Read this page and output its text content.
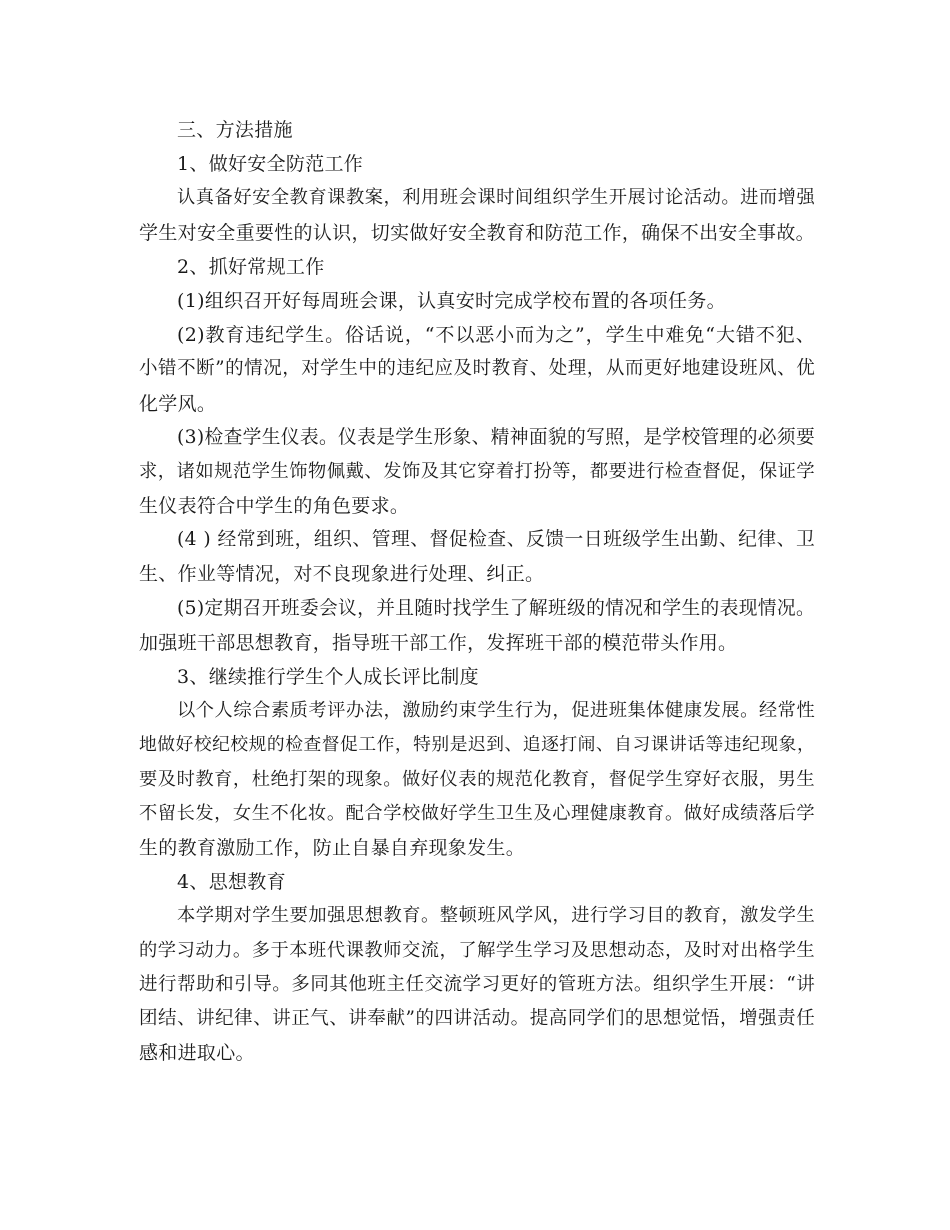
三、方法措施
1、做好安全防范工作
认真备好安全教育课教案，利用班会课时间组织学生开展讨论活动。进而增强
学生对安全重要性的认识，切实做好安全教育和防范工作，确保不出安全事故。
2、抓好常规工作
(1)组织召开好每周班会课，认真安时完成学校布置的各项任务。
(2)教育违纪学生。俗话说，“不以恶小而为之”，学生中难免“大错不犯、
小错不断”的情况，对学生中的违纪应及时教育、处理，从而更好地建设班风、优
化学风。
(3)检查学生仪表。仪表是学生形象、精神面貌的写照，是学校管理的必须要
求，诸如规范学生饰物佩戴、发饰及其它穿着打扮等，都要进行检查督促，保证学
生仪表符合中学生的角色要求。
(4 ) 经常到班，组织、管理、督促检查、反馈一日班级学生出勤、纪律、卫
生、作业等情况，对不良现象进行处理、纠正。
(5)定期召开班委会议，并且随时找学生了解班级的情况和学生的表现情况。
加强班干部思想教育，指导班干部工作，发挥班干部的模范带头作用。
3、继续推行学生个人成长评比制度
以个人综合素质考评办法，激励约束学生行为，促进班集体健康发展。经常性
地做好校纪校规的检查督促工作，特别是迟到、追逐打闹、自习课讲话等违纪现象，
要及时教育，杜绝打架的现象。做好仪表的规范化教育，督促学生穿好衣服，男生
不留长发，女生不化妆。配合学校做好学生卫生及心理健康教育。做好成绩落后学
生的教育激励工作，防止自暴自弃现象发生。
4、思想教育
本学期对学生要加强思想教育。整顿班风学风，进行学习目的教育，激发学生
的学习动力。多于本班代课教师交流，了解学生学习及思想动态，及时对出格学生
进行帮助和引导。多同其他班主任交流学习更好的管班方法。组织学生开展：“讲
团结、讲纪律、讲正气、讲奉献”的四讲活动。提高同学们的思想觉悟，增强责任
感和进取心。
